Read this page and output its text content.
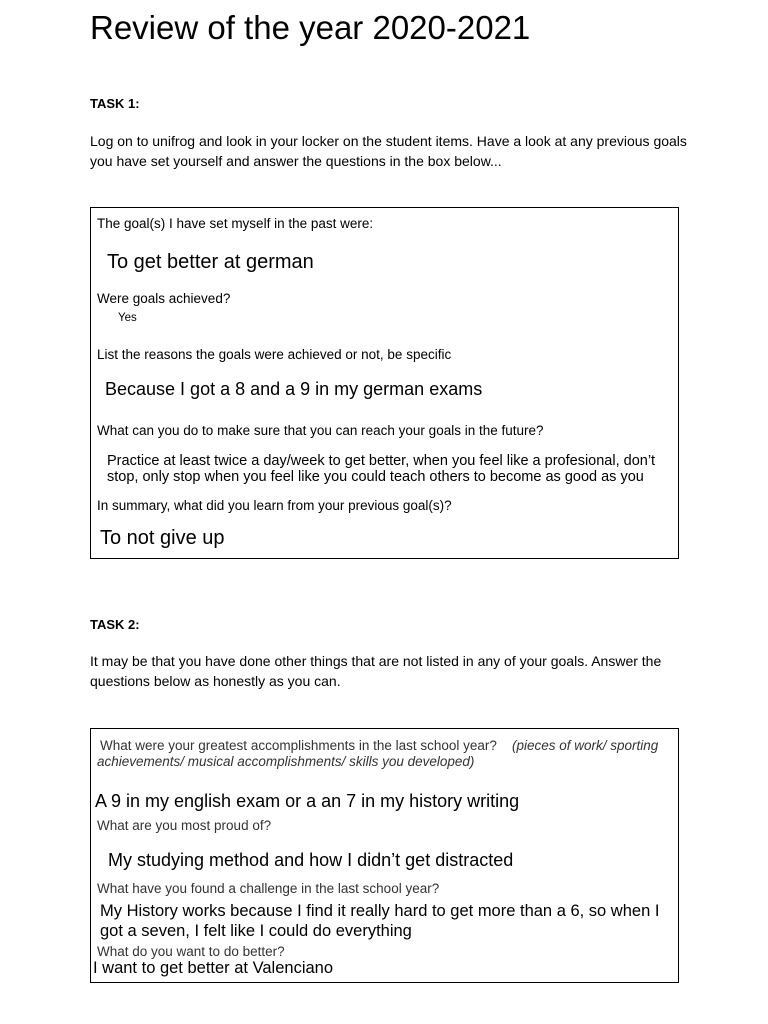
Review of the year 2020-2021
TASK 1:
Log on to unifrog and look in your locker on the student items. Have a look at any previous goals you have set yourself and answer the questions in the box below...
The goal(s) I have set myself in the past were:
To get better at german
Were goals achieved?
Yes
List the reasons the goals were achieved or not, be specific
Because I got a 8 and a 9 in my german exams
What can you do to make sure that you can reach your goals in the future?
Practice at least twice a day/week to get better, when you feel like a profesional, don’t stop, only stop when you feel like you could teach others to become as good as you
In summary, what did you learn from your previous goal(s)?
To not give up
TASK 2:
It may be that you have done other things that are not listed in any of your goals. Answer the questions below as honestly as you can.
What were your greatest accomplishments in the last school year? (pieces of work/ sporting achievements/ musical accomplishments/ skills you developed)
A 9 in my english exam or a an 7 in my history writing
What are you most proud of?
My studying method and how I didn’t get distracted
What have you found a challenge in the last school year?
My History works because I find it really hard to get more than a 6, so when I got a seven, I felt like I could do everything
What do you want to do better?
I want to get better at Valenciano
